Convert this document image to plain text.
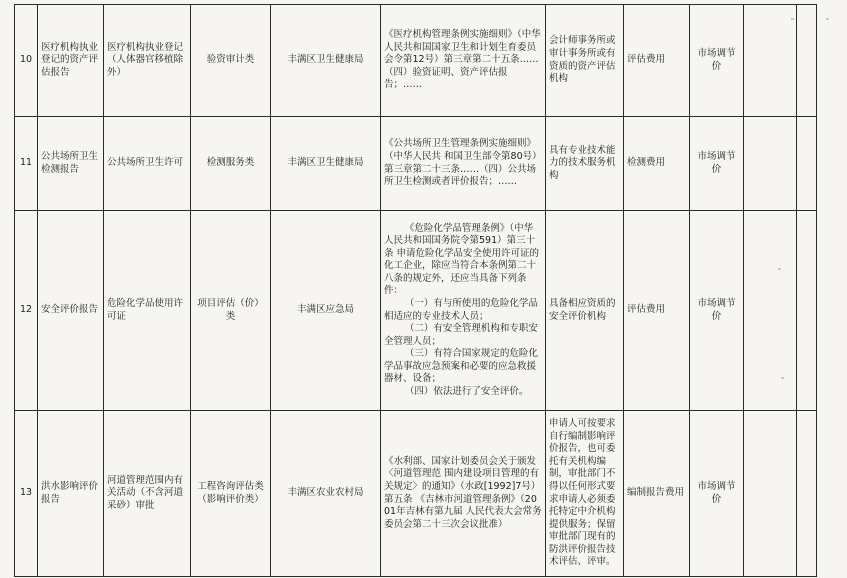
10	医疗机构执业登记的资产评估报告	医疗机构执业登记（人体器官移植除外）	验资审计类	丰满区卫生健康局	《医疗机构管理条例实施细则》（中华人民共和国国家卫生和计划生育委员会令第12号）第三章第二十五条……（四）验资证明、资产评估报告；……	会计师事务所或审计事务所或有资质的资产评估机构	评估费用	市场调节价		
11	公共场所卫生检测报告	公共场所卫生许可	检测服务类	丰满区卫生健康局	《公共场所卫生管理条例实施细则》（中华人民共 和国卫生部令第80号）第三章第二十三条……（四）公共场所卫生检测或者评价报告；……	具有专业技术能力的技术服务机构	检测费用	市场调节价		
12	安全评价报告	危险化学品使用许可证	项目评估（价）类	丰满区应急局	《危险化学品管理条例》（中华人民共和国国务院令第591）第三十条 申请危险化学品安全使用许可证的化工企业，除应当符合本条例第二十八条的规定外，还应当具备下列条件：

（一）有与所使用的危险化学品相适应的专业技术人员；

（二）有安全管理机构和专职安全管理人员；

（三）有符合国家规定的危险化学品事故应急预案和必要的应急救援器材、设备；

（四）依法进行了安全评价。	具备相应资质的安全评价机构	评估费用	市场调节价		
13	洪水影响评价报告	河道管理范围内有关活动（不含河道采砂）审批	工程咨询评估类（影响评价类）	丰满区农业农村局	《水利部、国家计划委员会关于颁发〈河道管理范 围内建设项目管理的有关规定〉的通知》（水政[1992]7号）第五条 《吉林市河道管理条例》（2001年吉林有第九届 人民代表大会常务委员会第二十三次会议批准）	申请人可按要求自行编制影响评价报告，也可委托有关机构编制，审批部门不得以任何形式要求申请人必须委托特定中介机构提供服务；保留审批部门现有的防洪评价报告技术评估、评审。	编制报告费用	市场调节价		
